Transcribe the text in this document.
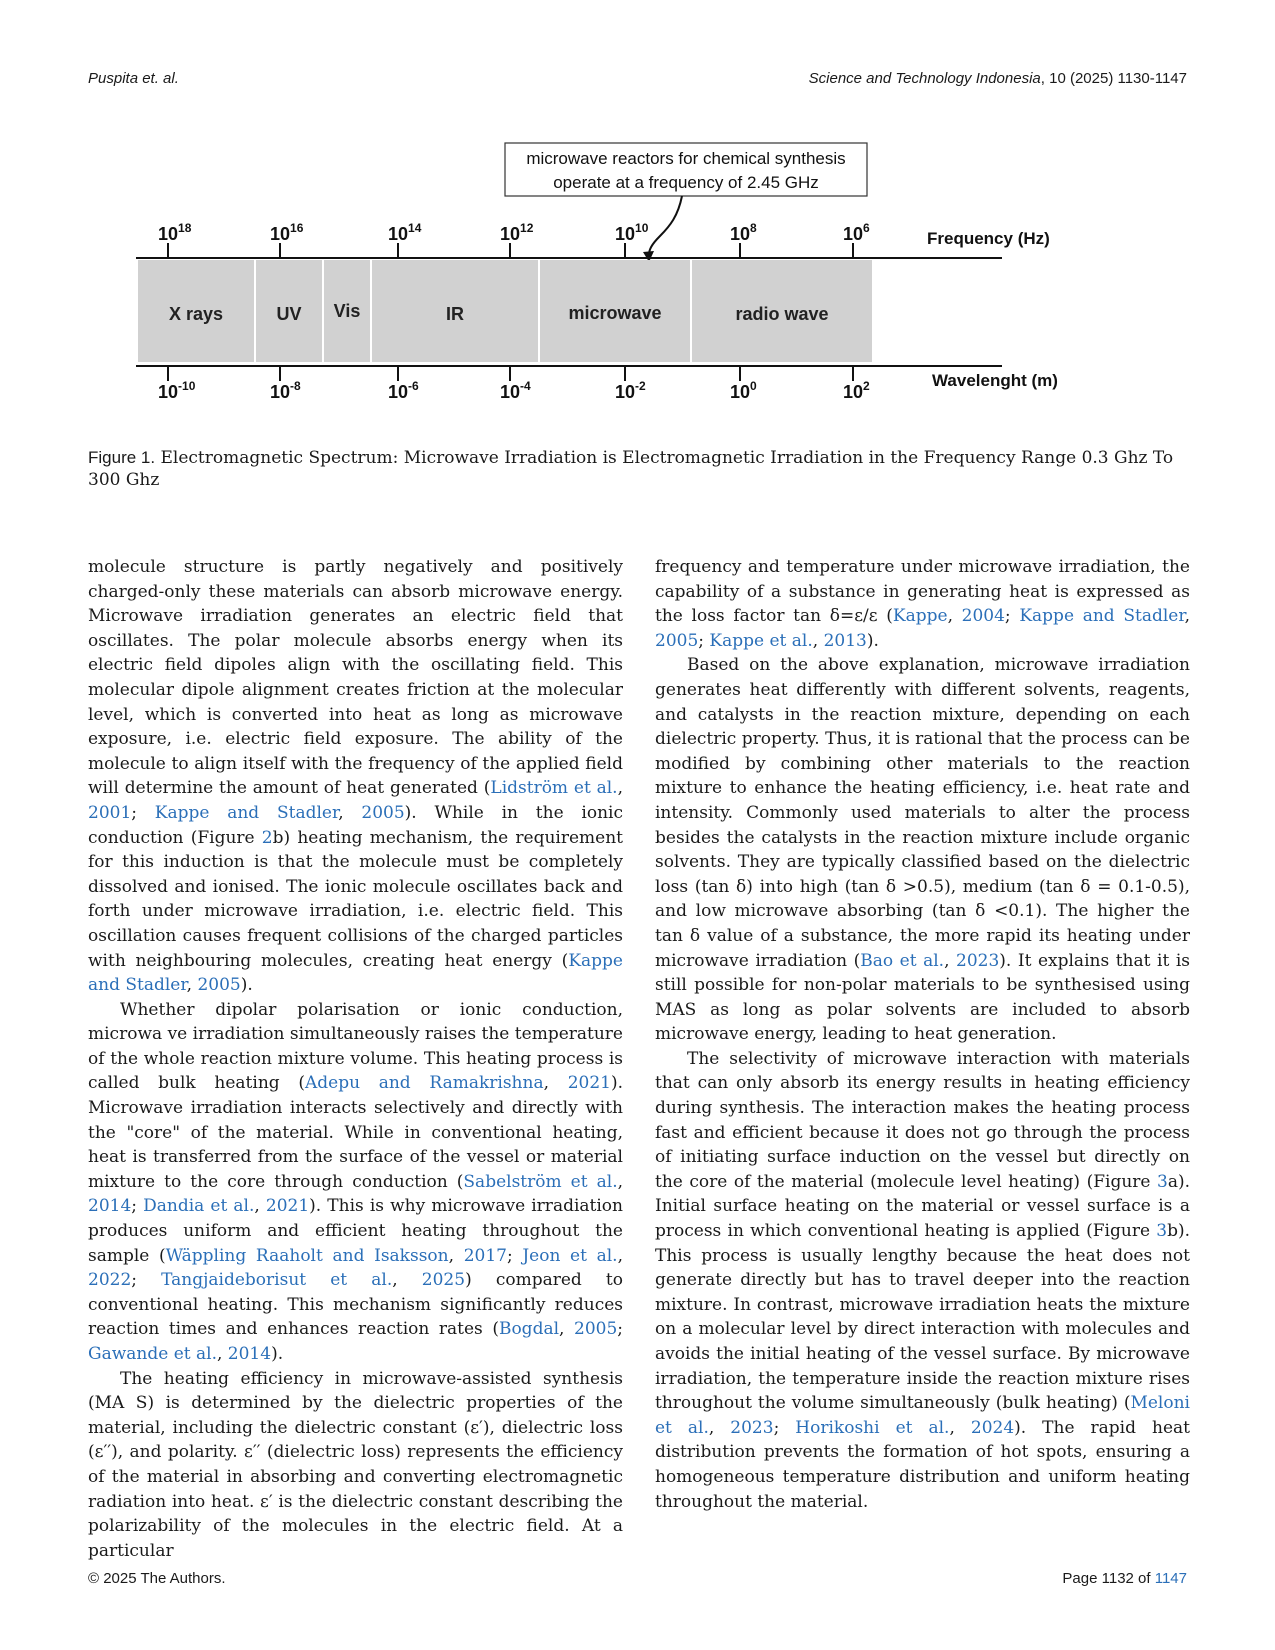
Puspita et. al.	Science and Technology Indonesia, 10 (2025) 1130-1147
microwave reactors for chemical synthesis
operate at a frequency of 2.45 GHz
$10^{18}$	$10^{16}$	$10^{14}$	$10^{12}$	$10^{10}$	$10^8$	$10^6$
Frequency (Hz)
X rays	UV Vis	IR	microwave	radio wave
$10^{-10}$	$10^{-8}$	$10^{-6}$	$10^{-4}$	$10^{-2}$	$10^0$	$10^2$	Wavelenght (m)
Figure 1. Electromagnetic Spectrum: Microwave Irradiation is Electromagnetic Irradiation in the Frequency Range 0.3 Ghz To 300 Ghz

molecule structure is partly negatively and positively charged-only these materials can absorb microwave energy. Microwave irradiation generates an electric field that oscillates. The polar molecule absorbs energy when its electric field dipoles align with the oscillating field. This molecular dipole alignment creates friction at the molecular level, which is converted into heat as long as microwave exposure, i.e. electric field exposure. The ability of the molecule to align itself with the frequency of the applied field will determine the amount of heat generated (Lidström et al., 2001; Kappe and Stadler, 2005). While in the ionic conduction (Figure 2b) heating mechanism, the requirement for this induction is that the molecule must be completely dissolved and ionised. The ionic molecule oscillates back and forth under microwave irradiation, i.e. electric field. This oscillation causes frequent collisions of the charged particles with neighbouring molecules, creating heat energy (Kappe and Stadler, 2005).

Whether dipolar polarisation or ionic conduction, microwa ve irradiation simultaneously raises the temperature of the whole reaction mixture volume. This heating process is called bulk heating (Adepu and Ramakrishna, 2021). Microwave irradiation interacts selectively and directly with the "core" of the material. While in conventional heating, heat is transferred from the surface of the vessel or material mixture to the core through conduction (Sabelström et al., 2014; Dandia et al., 2021). This is why microwave irradiation produces uniform and efficient heating throughout the sample (Wäppling Raaholt and Isaksson, 2017; Jeon et al., 2022; Tangjaideborisut et al., 2025) compared to conventional heating. This mechanism significantly reduces reaction times and enhances reaction rates (Bogdal, 2005; Gawande et al., 2014).

The heating efficiency in microwave-assisted synthesis (MA S) is determined by the dielectric properties of the material, including the dielectric constant (ε′), dielectric loss (ε′′), and polarity. ε′′ (dielectric loss) represents the efficiency of the material in absorbing and converting electromagnetic radiation into heat. ε′ is the dielectric constant describing the polarizability of the molecules in the electric field. At a particular

frequency and temperature under microwave irradiation, the capability of a substance in generating heat is expressed as the loss factor tan δ=ε/ε (Kappe, 2004; Kappe and Stadler, 2005; Kappe et al., 2013).

Based on the above explanation, microwave irradiation generates heat differently with different solvents, reagents, and catalysts in the reaction mixture, depending on each dielectric property. Thus, it is rational that the process can be modified by combining other materials to the reaction mixture to enhance the heating efficiency, i.e. heat rate and intensity. Commonly used materials to alter the process besides the catalysts in the reaction mixture include organic solvents. They are typically classified based on the dielectric loss (tan δ) into high (tan δ >0.5), medium (tan δ = 0.1-0.5), and low microwave absorbing (tan δ <0.1). The higher the tan δ value of a substance, the more rapid its heating under microwave irradiation (Bao et al., 2023). It explains that it is still possible for non-polar materials to be synthesised using MAS as long as polar solvents are included to absorb microwave energy, leading to heat generation.

The selectivity of microwave interaction with materials that can only absorb its energy results in heating efficiency during synthesis. The interaction makes the heating process fast and efficient because it does not go through the process of initiating surface induction on the vessel but directly on the core of the material (molecule level heating) (Figure 3a). Initial surface heating on the material or vessel surface is a process in which conventional heating is applied (Figure 3b). This process is usually lengthy because the heat does not generate directly but has to travel deeper into the reaction mixture. In contrast, microwave irradiation heats the mixture on a molecular level by direct interaction with molecules and avoids the initial heating of the vessel surface. By microwave irradiation, the temperature inside the reaction mixture rises throughout the volume simultaneously (bulk heating) (Meloni et al., 2023; Horikoshi et al., 2024). The rapid heat distribution prevents the formation of hot spots, ensuring a homogeneous temperature distribution and uniform heating throughout the material.

© 2025 The Authors.	Page 1132 of 1147
